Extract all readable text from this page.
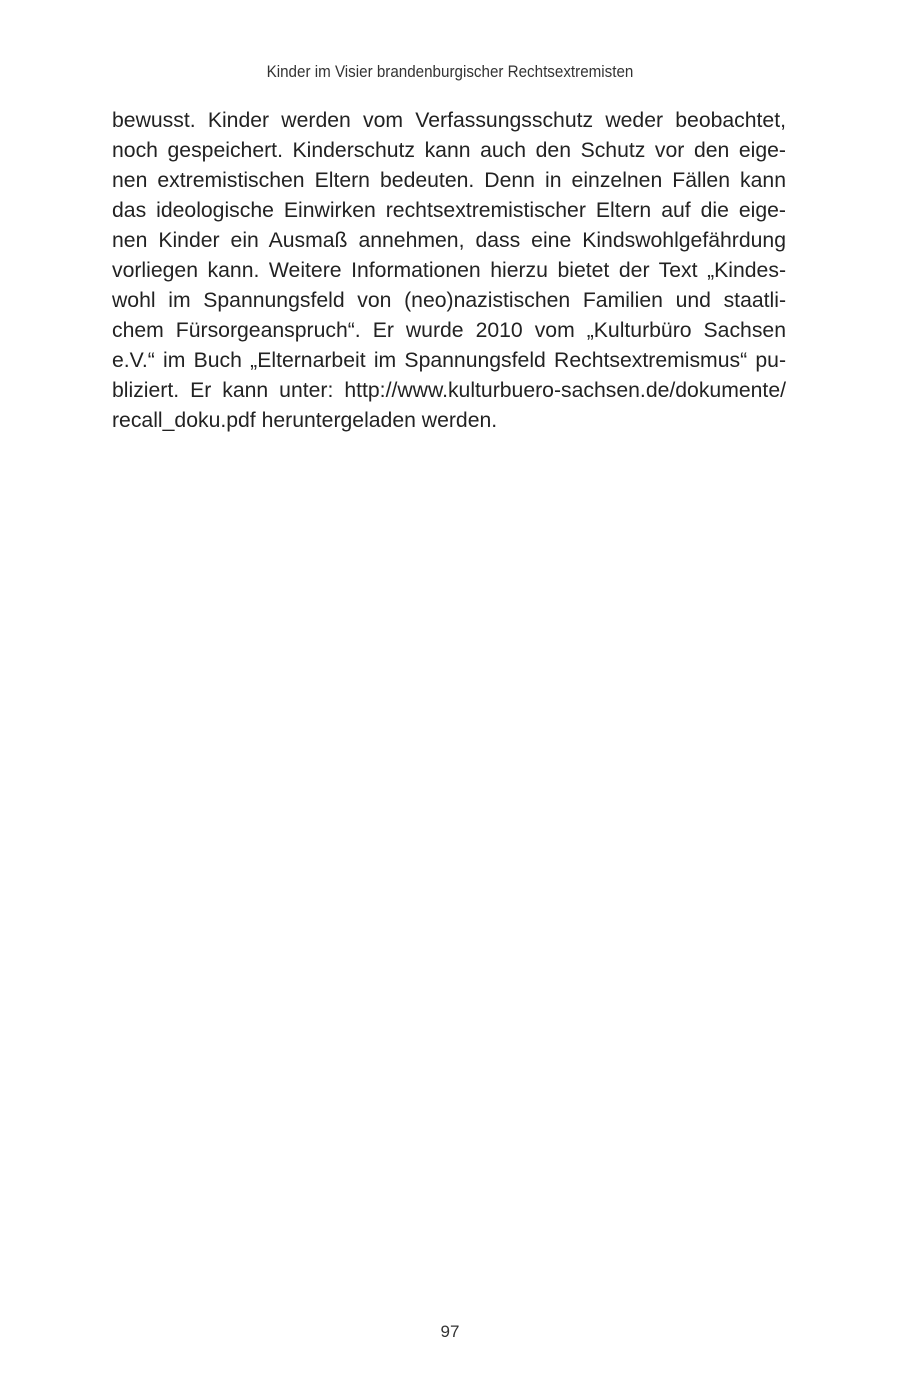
Kinder im Visier brandenburgischer Rechtsextremisten
bewusst. Kinder werden vom Verfassungsschutz weder beobachtet,
noch gespeichert. Kinderschutz kann auch den Schutz vor den eige-
nen extremistischen Eltern bedeuten. Denn in einzelnen Fällen kann
das ideologische Einwirken rechtsextremistischer Eltern auf die eige-
nen Kinder ein Ausmaß annehmen, dass eine Kindswohlgefährdung
vorliegen kann. Weitere Informationen hierzu bietet der Text „Kindes-
wohl im Spannungsfeld von (neo)nazistischen Familien und staatli-
chem Fürsorgeanspruch“. Er wurde 2010 vom „Kulturbüro Sachsen
e.V.“ im Buch „Elternarbeit im Spannungsfeld Rechtsextremismus“ pu-
bliziert. Er kann unter: http://www.kulturbuero-sachsen.de/dokumente/
recall_doku.pdf heruntergeladen werden.
97
